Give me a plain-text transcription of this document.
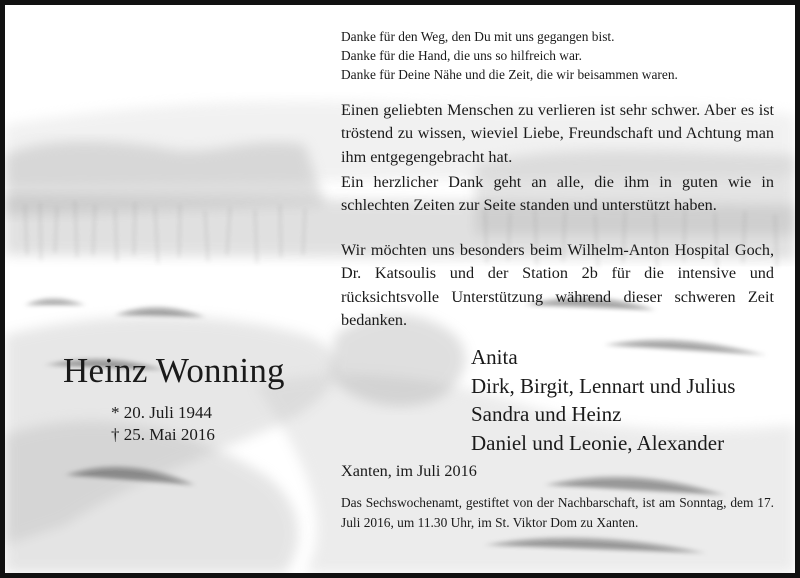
Danke für den Weg, den Du mit uns gegangen bist.
Danke für die Hand, die uns so hilfreich war.
Danke für Deine Nähe und die Zeit, die wir beisammen waren.
Einen geliebten Menschen zu verlieren ist sehr schwer. Aber es ist tröstend zu wissen, wieviel Liebe, Freundschaft und Achtung man ihm entgegengebracht hat.
Ein herzlicher Dank geht an alle, die ihm in guten wie in schlechten Zeiten zur Seite standen und unterstützt haben.
Wir möchten uns besonders beim Wilhelm-Anton Hospital Goch, Dr. Katsoulis und der Station 2b für die intensive und rücksichtsvolle Unterstützung während dieser schweren Zeit bedanken.
Heinz Wonning
* 20. Juli 1944
† 25. Mai 2016
Anita
Dirk, Birgit, Lennart und Julius
Sandra und Heinz
Daniel und Leonie, Alexander
Xanten, im Juli 2016
Das Sechswochenamt, gestiftet von der Nachbarschaft, ist am Sonntag, dem 17. Juli 2016, um 11.30 Uhr, im St. Viktor Dom zu Xanten.
